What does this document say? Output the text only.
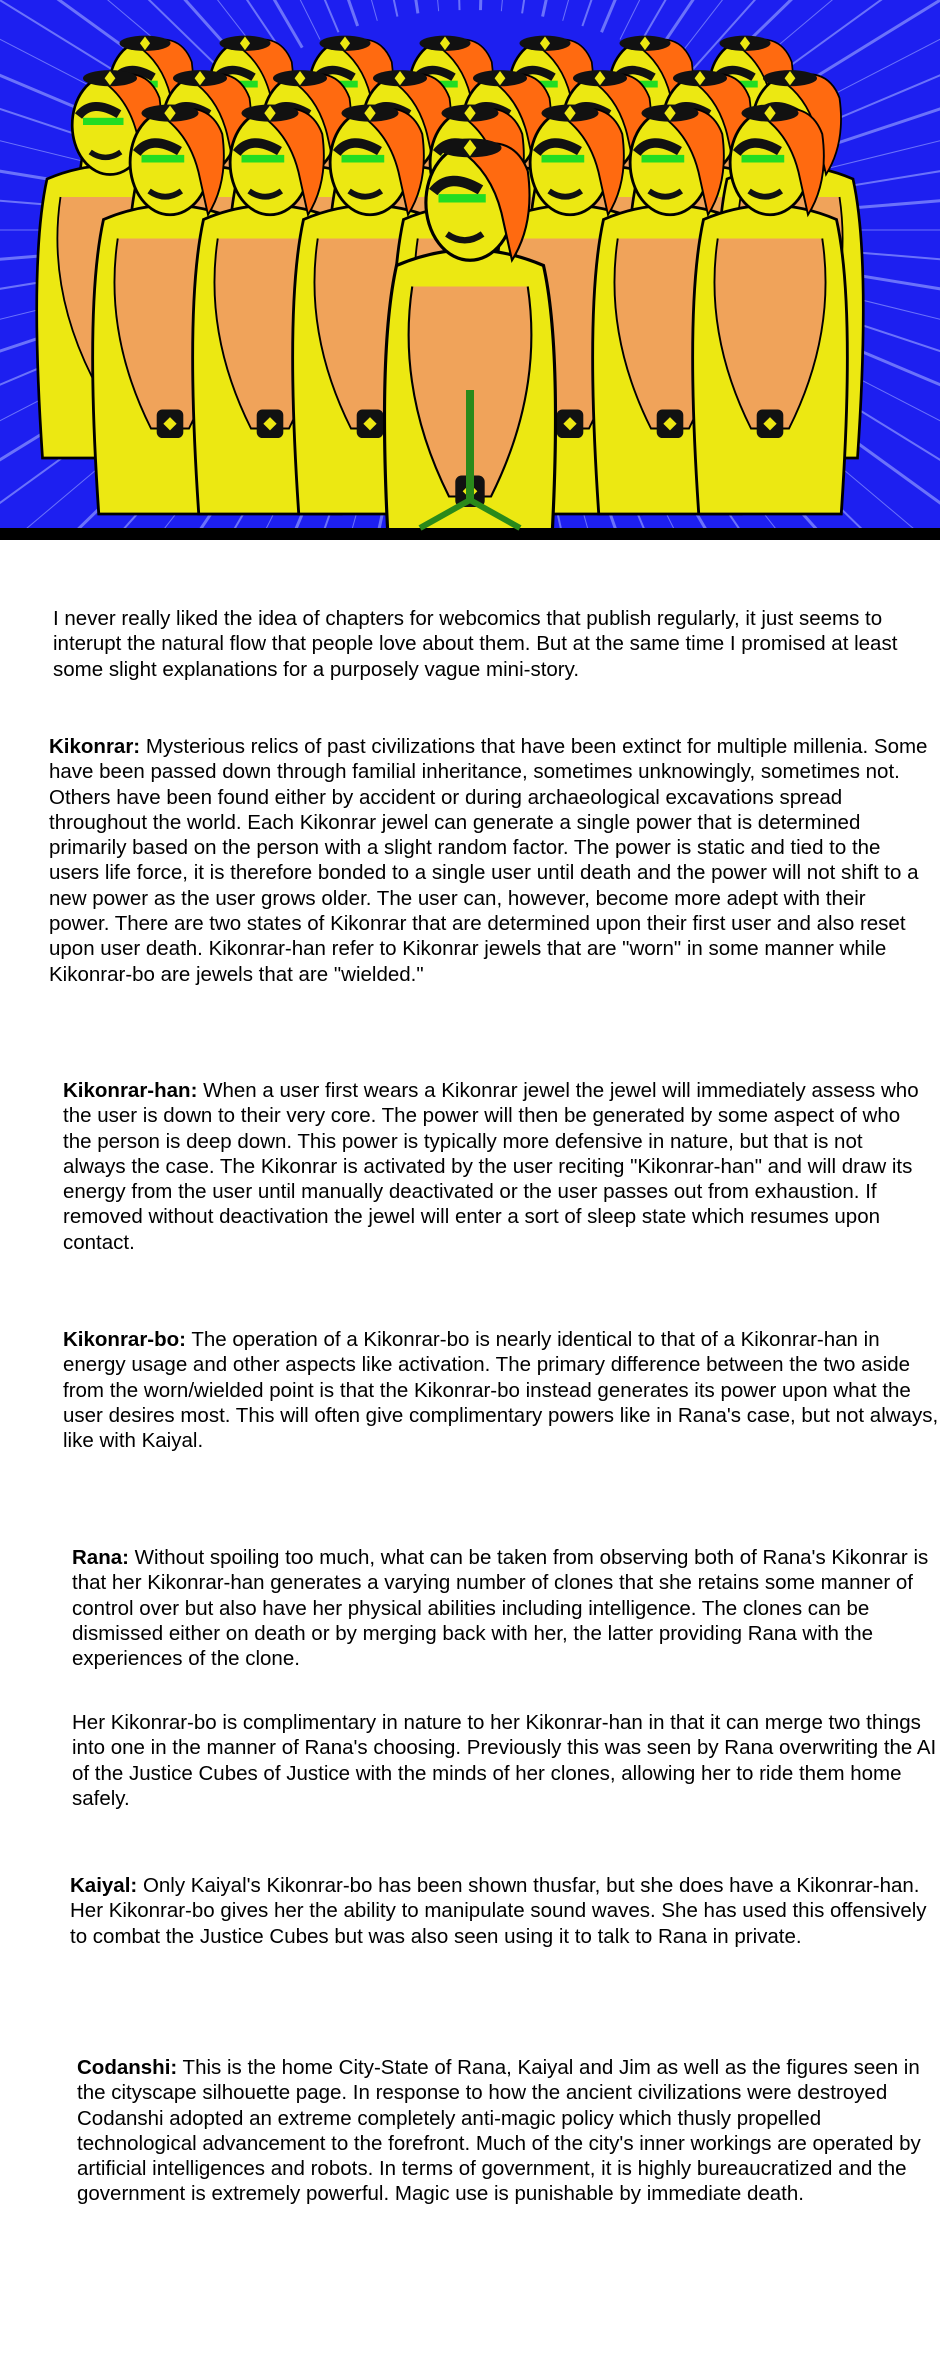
I never really liked the idea of chapters for webcomics that publish regularly, it just seems to interupt the natural flow that people love about them. But at the same time I promised at least some slight explanations for a purposely vague mini-story.
Kikonrar: Mysterious relics of past civilizations that have been extinct for multiple millenia. Some have been passed down through familial inheritance, sometimes unknowingly, sometimes not. Others have been found either by accident or during archaeological excavations spread throughout the world. Each Kikonrar jewel can generate a single power that is determined primarily based on the person with a slight random factor. The power is static and tied to the users life force, it is therefore bonded to a single user until death and the power will not shift to a new power as the user grows older. The user can, however, become more adept with their power. There are two states of Kikonrar that are determined upon their first user and also reset upon user death. Kikonrar-han refer to Kikonrar jewels that are "worn" in some manner while Kikonrar-bo are jewels that are "wielded."
Kikonrar-han: When a user first wears a Kikonrar jewel the jewel will immediately assess who the user is down to their very core. The power will then be generated by some aspect of who the person is deep down. This power is typically more defensive in nature, but that is not always the case. The Kikonrar is activated by the user reciting "Kikonrar-han" and will draw its energy from the user until manually deactivated or the user passes out from exhaustion. If removed without deactivation the jewel will enter a sort of sleep state which resumes upon contact.
Kikonrar-bo: The operation of a Kikonrar-bo is nearly identical to that of a Kikonrar-han in energy usage and other aspects like activation. The primary difference between the two aside from the worn/wielded point is that the Kikonrar-bo instead generates its power upon what the user desires most. This will often give complimentary powers like in Rana's case, but not always, like with Kaiyal.
Rana: Without spoiling too much, what can be taken from observing both of Rana's Kikonrar is that her Kikonrar-han generates a varying number of clones that she retains some manner of control over but also have her physical abilities including intelligence. The clones can be dismissed either on death or by merging back with her, the latter providing Rana with the experiences of the clone.
Her Kikonrar-bo is complimentary in nature to her Kikonrar-han in that it can merge two things into one in the manner of Rana's choosing. Previously this was seen by Rana overwriting the AI of the Justice Cubes of Justice with the minds of her clones, allowing her to ride them home safely.
Kaiyal: Only Kaiyal's Kikonrar-bo has been shown thusfar, but she does have a Kikonrar-han. Her Kikonrar-bo gives her the ability to manipulate sound waves. She has used this offensively to combat the Justice Cubes but was also seen using it to talk to Rana in private.
Codanshi: This is the home City-State of Rana, Kaiyal and Jim as well as the figures seen in the cityscape silhouette page. In response to how the ancient civilizations were destroyed Codanshi adopted an extreme completely anti-magic policy which thusly propelled technological advancement to the forefront. Much of the city's inner workings are operated by artificial intelligences and robots. In terms of government, it is highly bureaucratized and the government is extremely powerful. Magic use is punishable by immediate death.
